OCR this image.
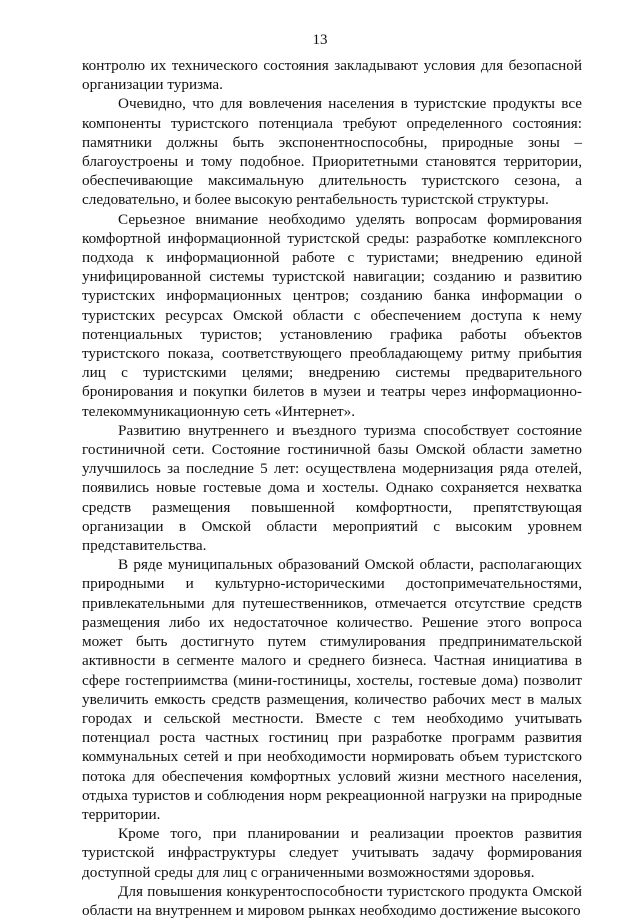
13

контролю их технического состояния закладывают условия для безопасной организации туризма.

Очевидно, что для вовлечения населения в туристские продукты все компоненты туристского потенциала требуют определенного состояния: памятники должны быть экспонентноспособны, природные зоны – благоустроены и тому подобное. Приоритетными становятся территории, обеспечивающие максимальную длительность туристского сезона, а следовательно, и более высокую рентабельность туристской структуры.

Серьезное внимание необходимо уделять вопросам формирования комфортной информационной туристской среды: разработке комплексного подхода к информационной работе с туристами; внедрению единой унифицированной системы туристской навигации; созданию и развитию туристских информационных центров; созданию банка информации о туристских ресурсах Омской области с обеспечением доступа к нему потенциальных туристов; установлению графика работы объектов туристского показа, соответствующего преобладающему ритму прибытия лиц с туристскими целями; внедрению системы предварительного бронирования и покупки билетов в музеи и театры через информационно-телекоммуникационную сеть «Интернет».

Развитию внутреннего и въездного туризма способствует состояние гостиничной сети. Состояние гостиничной базы Омской области заметно улучшилось за последние 5 лет: осуществлена модернизация ряда отелей, появились новые гостевые дома и хостелы. Однако сохраняется нехватка средств размещения повышенной комфортности, препятствующая организации в Омской области мероприятий с высоким уровнем представительства.

В ряде муниципальных образований Омской области, располагающих природными и культурно-историческими достопримечательностями, привлекательными для путешественников, отмечается отсутствие средств размещения либо их недостаточное количество. Решение этого вопроса может быть достигнуто путем стимулирования предпринимательской активности в сегменте малого и среднего бизнеса. Частная инициатива в сфере гостеприимства (мини-гостиницы, хостелы, гостевые дома) позволит увеличить емкость средств размещения, количество рабочих мест в малых городах и сельской местности. Вместе с тем необходимо учитывать потенциал роста частных гостиниц при разработке программ развития коммунальных сетей и при необходимости нормировать объем туристского потока для обеспечения комфортных условий жизни местного населения, отдыха туристов и соблюдения норм рекреационной нагрузки на природные территории.

Кроме того, при планировании и реализации проектов развития туристской инфраструктуры следует учитывать задачу формирования доступной среды для лиц с ограниченными возможностями здоровья.

Для повышения конкурентоспособности туристского продукта Омской области на внутреннем и мировом рынках необходимо достижение высокого
